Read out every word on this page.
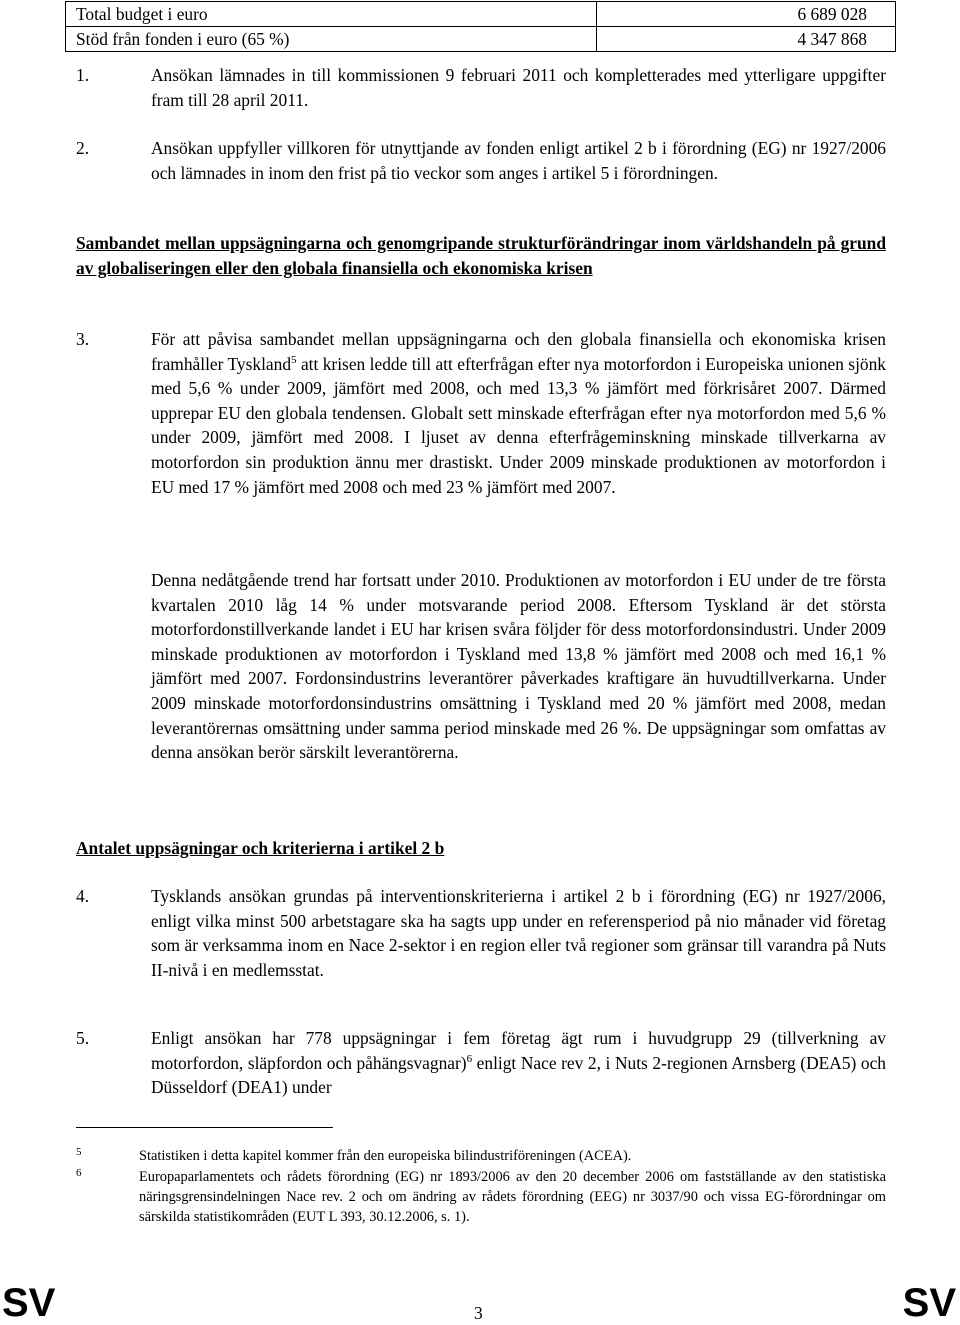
Total budget i euro	6 689 028
Stöd från fonden i euro (65 %)	4 347 868
1.	Ansökan lämnades in till kommissionen 9 februari 2011 och kompletterades med ytterligare uppgifter fram till 28 april 2011.
2.	Ansökan uppfyller villkoren för utnyttjande av fonden enligt artikel 2 b i förordning (EG) nr 1927/2006 och lämnades in inom den frist på tio veckor som anges i artikel 5 i förordningen.
Sambandet mellan uppsägningarna och genomgripande strukturförändringar inom världshandeln på grund av globaliseringen eller den globala finansiella och ekonomiska krisen
3.	För att påvisa sambandet mellan uppsägningarna och den globala finansiella och ekonomiska krisen framhåller Tyskland$^5$ att krisen ledde till att efterfrågan efter nya motorfordon i Europeiska unionen sjönk med 5,6 % under 2009, jämfört med 2008, och med 13,3 % jämfört med förkrisåret 2007. Därmed upprepar EU den globala tendensen. Globalt sett minskade efterfrågan efter nya motorfordon med 5,6 % under 2009, jämfört med 2008. I ljuset av denna efterfrågeminskning minskade tillverkarna av motorfordon sin produktion ännu mer drastiskt. Under 2009 minskade produktionen av motorfordon i EU med 17 % jämfört med 2008 och med 23 % jämfört med 2007.
Denna nedåtgående trend har fortsatt under 2010. Produktionen av motorfordon i EU under de tre första kvartalen 2010 låg 14 % under motsvarande period 2008. Eftersom Tyskland är det största motorfordonstillverkande landet i EU har krisen svåra följder för dess motorfordonsindustri. Under 2009 minskade produktionen av motorfordon i Tyskland med 13,8 % jämfört med 2008 och med 16,1 % jämfört med 2007. Fordonsindustrins leverantörer påverkades kraftigare än huvudtillverkarna. Under 2009 minskade motorfordonsindustrins omsättning i Tyskland med 20 % jämfört med 2008, medan leverantörernas omsättning under samma period minskade med 26 %. De uppsägningar som omfattas av denna ansökan berör särskilt leverantörerna.
Antalet uppsägningar och kriterierna i artikel 2 b
4.	Tysklands ansökan grundas på interventionskriterierna i artikel 2 b i förordning (EG) nr 1927/2006, enligt vilka minst 500 arbetstagare ska ha sagts upp under en referensperiod på nio månader vid företag som är verksamma inom en Nace 2-sektor i en region eller två regioner som gränsar till varandra på Nuts II-nivå i en medlemsstat.
5.	Enligt ansökan har 778 uppsägningar i fem företag ägt rum i huvudgrupp 29 (tillverkning av motorfordon, släpfordon och påhängsvagnar)$^6$ enligt Nace rev 2, i Nuts 2-regionen Arnsberg (DEA5) och Düsseldorf (DEA1) under
5	Statistiken i detta kapitel kommer från den europeiska bilindustriföreningen (ACEA).
6	Europaparlamentets och rådets förordning (EG) nr 1893/2006 av den 20 december 2006 om fastställande av den statistiska näringsgrensindelningen Nace rev. 2 och om ändring av rådets förordning (EEG) nr 3037/90 och vissa EG-förordningar om särskilda statistikområden (EUT L 393, 30.12.2006, s. 1).
SV	3	SV
